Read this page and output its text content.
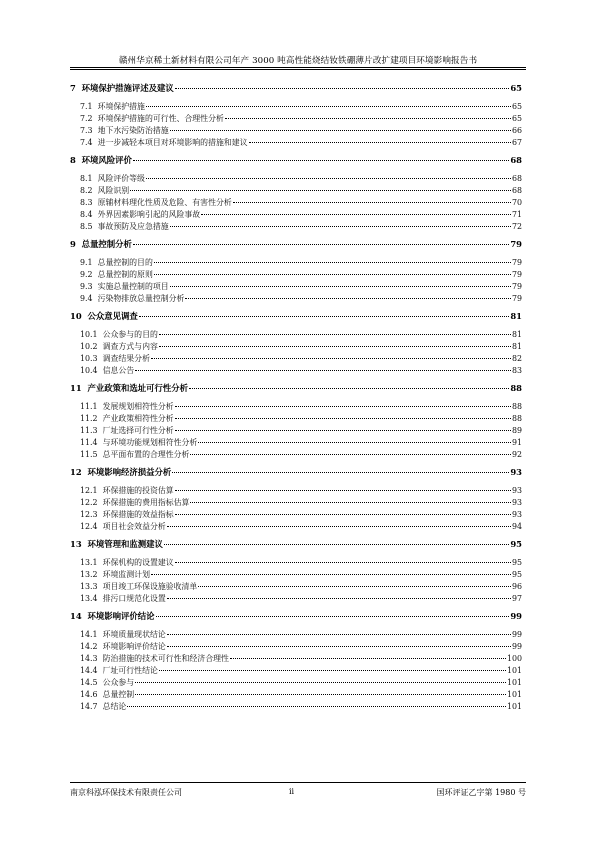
赣州华京稀土新材料有限公司年产 3000 吨高性能烧结钕铁硼薄片改扩建项目环境影响报告书
7 环境保护措施评述及建议	65
7.1 环境保护措施	65
7.2 环境保护措施的可行性、合理性分析	65
7.3 地下水污染防治措施	66
7.4 进一步减轻本项目对环境影响的措施和建议	67
8 环境风险评价	68
8.1 风险评价等级	68
8.2 风险识别	68
8.3 原辅材料理化性质及危险、有害性分析	70
8.4 外界因素影响引起的风险事故	71
8.5 事故预防及应急措施	72
9 总量控制分析	79
9.1 总量控制的目的	79
9.2 总量控制的原则	79
9.3 实施总量控制的项目	79
9.4 污染物排放总量控制分析	79
10 公众意见调查	81
10.1 公众参与的目的	81
10.2 调查方式与内容	81
10.3 调查结果分析	82
10.4 信息公告	83
11 产业政策和选址可行性分析	88
11.1 发展规划相符性分析	88
11.2 产业政策相符性分析	88
11.3 厂址选择可行性分析	89
11.4 与环境功能规划相符性分析	91
11.5 总平面布置的合理性分析	92
12 环境影响经济损益分析	93
12.1 环保措施的投资估算	93
12.2 环保措施的费用指标估算	93
12.3 环保措施的效益指标	93
12.4 项目社会效益分析	94
13 环境管理和监测建议	95
13.1 环保机构的设置建议	95
13.2 环境监测计划	95
13.3 项目竣工环保设施验收清单	96
13.4 排污口规范化设置	97
14 环境影响评价结论	99
14.1 环境质量现状结论	99
14.2 环境影响评价结论	99
14.3 防治措施的技术可行性和经济合理性	100
14.4 厂址可行性结论	101
14.5 公众参与	101
14.6 总量控制	101
14.7 总结论	101
南京科泓环保技术有限责任公司	ii	国环评证乙字第 1980 号
